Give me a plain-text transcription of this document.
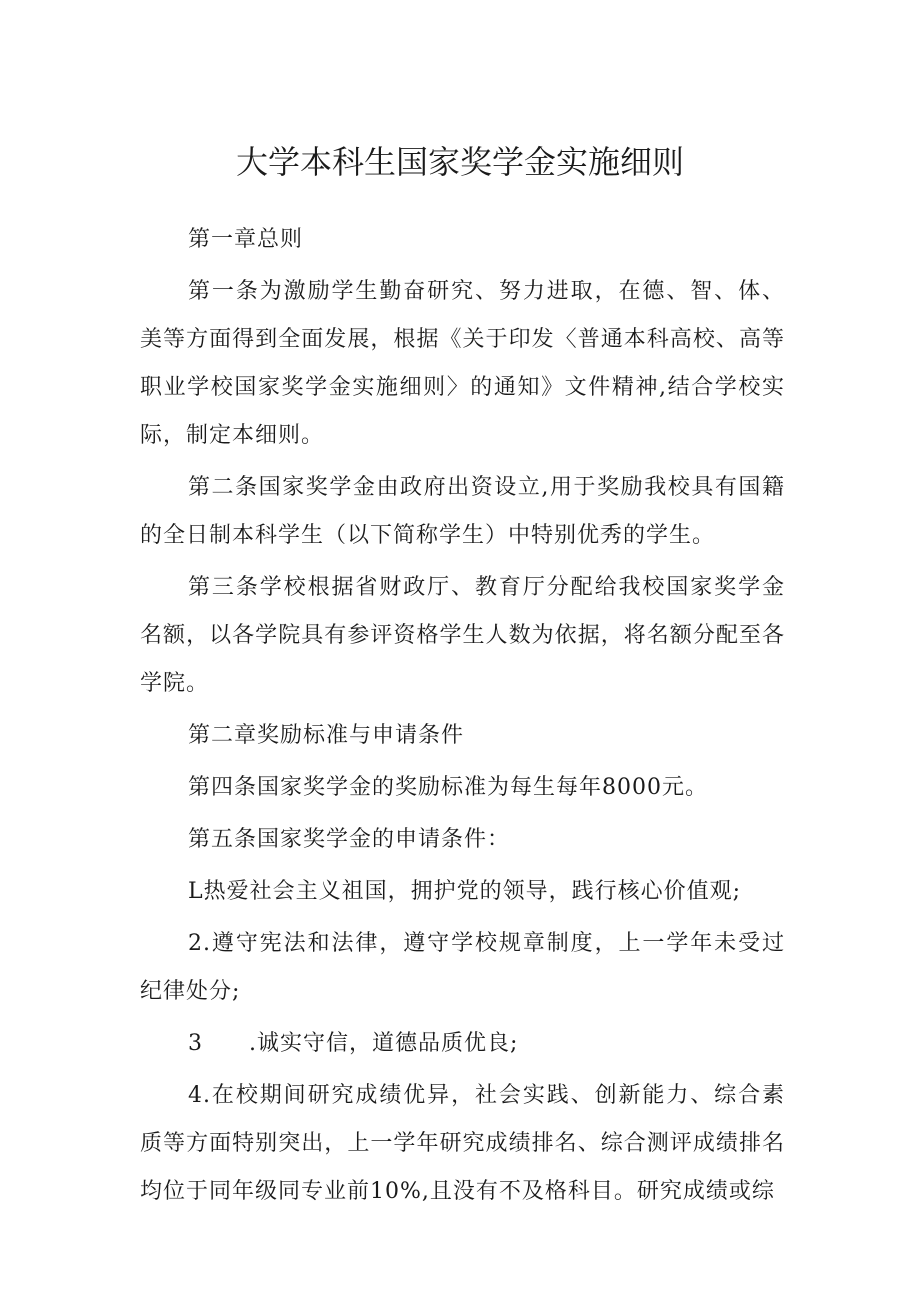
大学本科生国家奖学金实施细则

第一章总则

第一条为激励学生勤奋研究、努力进取，在德、智、体、美等方面得到全面发展，根据《关于印发〈普通本科高校、高等职业学校国家奖学金实施细则〉的通知》文件精神,结合学校实际，制定本细则。

第二条国家奖学金由政府出资设立,用于奖励我校具有国籍的全日制本科学生（以下简称学生）中特别优秀的学生。

第三条学校根据省财政厅、教育厅分配给我校国家奖学金名额，以各学院具有参评资格学生人数为依据，将名额分配至各学院。

第二章奖励标准与申请条件

第四条国家奖学金的奖励标准为每生每年8000元。

第五条国家奖学金的申请条件：

L热爱社会主义祖国，拥护党的领导，践行核心价值观;

2.遵守宪法和法律，遵守学校规章制度，上一学年未受过纪律处分;

3　　.诚实守信，道德品质优良;

4.在校期间研究成绩优异，社会实践、创新能力、综合素质等方面特别突出，上一学年研究成绩排名、综合测评成绩排名均位于同年级同专业前10%,且没有不及格科目。研究成绩或综
